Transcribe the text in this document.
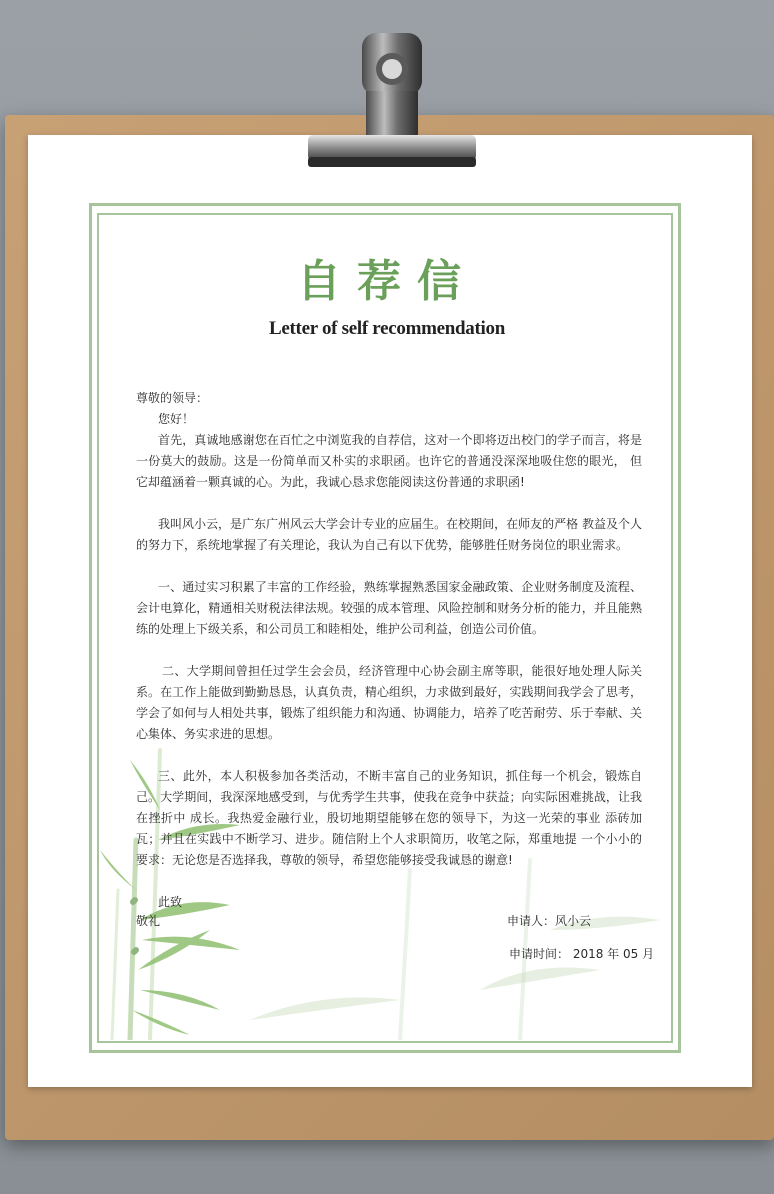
自荐信
Letter of self recommendation

尊敬的领导：

您好！

首先，真诚地感谢您在百忙之中浏览我的自荐信，这对一个即将迈出校门的学子而言，将是一份莫大的鼓励。这是一份简单而又朴实的求职函。也许它的普通没深深地吸住您的眼光， 但它却蕴涵着一颗真诚的心。为此，我诚心恳求您能阅读这份普通的求职函!

我叫风小云，是广东广州风云大学会计专业的应届生。在校期间，在师友的严格 教益及个人的努力下，系统地掌握了有关理论，我认为自己有以下优势，能够胜任财务岗位的职业需求。

一、通过实习积累了丰富的工作经验，熟练掌握熟悉国家金融政策、企业财务制度及流程、会计电算化，精通相关财税法律法规。较强的成本管理、风险控制和财务分析的能力，并且能熟练的处理上下级关系，和公司员工和睦相处，维护公司利益，创造公司价值。

二、大学期间曾担任过学生会会员，经济管理中心协会副主席等职，能很好地处理人际关系。在工作上能做到勤勤恳恳，认真负责，精心组织，力求做到最好，实践期间我学会了思考，学会了如何与人相处共事，锻炼了组织能力和沟通、协调能力，培养了吃苦耐劳、乐于奉献、关心集体、务实求进的思想。

三、此外，本人积极参加各类活动，不断丰富自己的业务知识，抓住每一个机会，锻炼自己。大学期间，我深深地感受到，与优秀学生共事，使我在竞争中获益；向实际困难挑战，让我在挫折中 成长。我热爱金融行业，殷切地期望能够在您的领导下，为这一光荣的事业 添砖加瓦；并且在实践中不断学习、进步。随信附上个人求职简历，收笔之际，郑重地提 一个小小的要求：无论您是否选择我，尊敬的领导，希望您能够接受我诚恳的谢意!

此致

敬礼	申请人：风小云
申请时间： 2018 年 05 月
